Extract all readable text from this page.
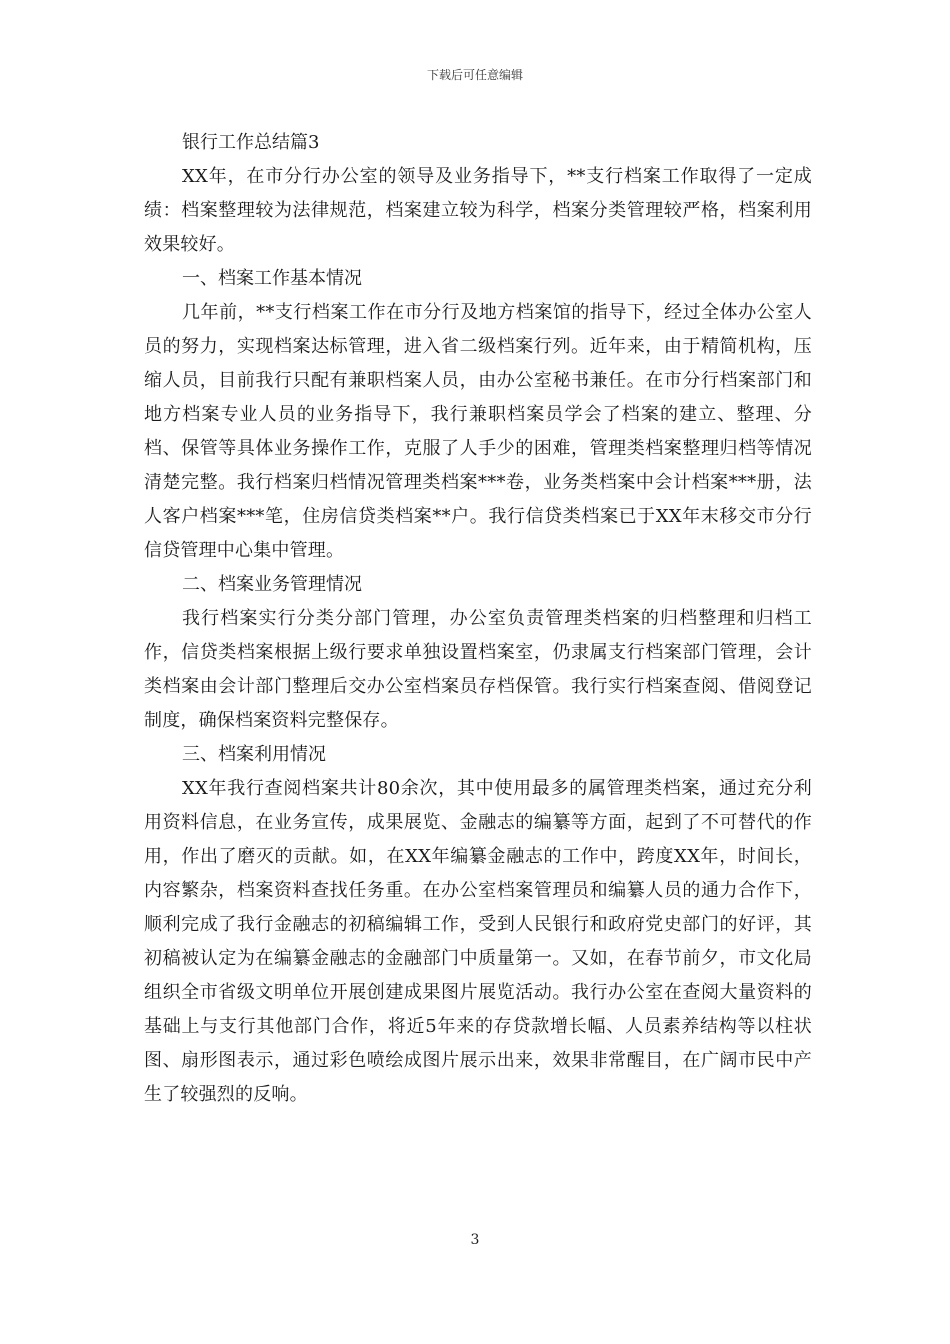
下载后可任意编辑

银行工作总结篇3

XX年，在市分行办公室的领导及业务指导下，**支行档案工作取得了一定成绩：档案整理较为法律规范，档案建立较为科学，档案分类管理较严格，档案利用效果较好。

一、档案工作基本情况

几年前，**支行档案工作在市分行及地方档案馆的指导下，经过全体办公室人员的努力，实现档案达标管理，进入省二级档案行列。近年来，由于精简机构，压缩人员，目前我行只配有兼职档案人员，由办公室秘书兼任。在市分行档案部门和地方档案专业人员的业务指导下，我行兼职档案员学会了档案的建立、整理、分档、保管等具体业务操作工作，克服了人手少的困难，管理类档案整理归档等情况清楚完整。我行档案归档情况管理类档案***卷，业务类档案中会计档案***册，法人客户档案***笔，住房信贷类档案**户。我行信贷类档案已于XX年末移交市分行信贷管理中心集中管理。

二、档案业务管理情况

我行档案实行分类分部门管理，办公室负责管理类档案的归档整理和归档工作，信贷类档案根据上级行要求单独设置档案室，仍隶属支行档案部门管理，会计类档案由会计部门整理后交办公室档案员存档保管。我行实行档案查阅、借阅登记制度，确保档案资料完整保存。

三、档案利用情况

XX年我行查阅档案共计80余次，其中使用最多的属管理类档案，通过充分利用资料信息，在业务宣传，成果展览、金融志的编纂等方面，起到了不可替代的作用，作出了磨灭的贡献。如，在XX年编纂金融志的工作中，跨度XX年，时间长，内容繁杂，档案资料查找任务重。在办公室档案管理员和编纂人员的通力合作下，顺利完成了我行金融志的初稿编辑工作，受到人民银行和政府党史部门的好评，其初稿被认定为在编纂金融志的金融部门中质量第一。又如，在春节前夕，市文化局组织全市省级文明单位开展创建成果图片展览活动。我行办公室在查阅大量资料的基础上与支行其他部门合作，将近5年来的存贷款增长幅、人员素养结构等以柱状图、扇形图表示，通过彩色喷绘成图片展示出来，效果非常醒目，在广阔市民中产生了较强烈的反响。

3
